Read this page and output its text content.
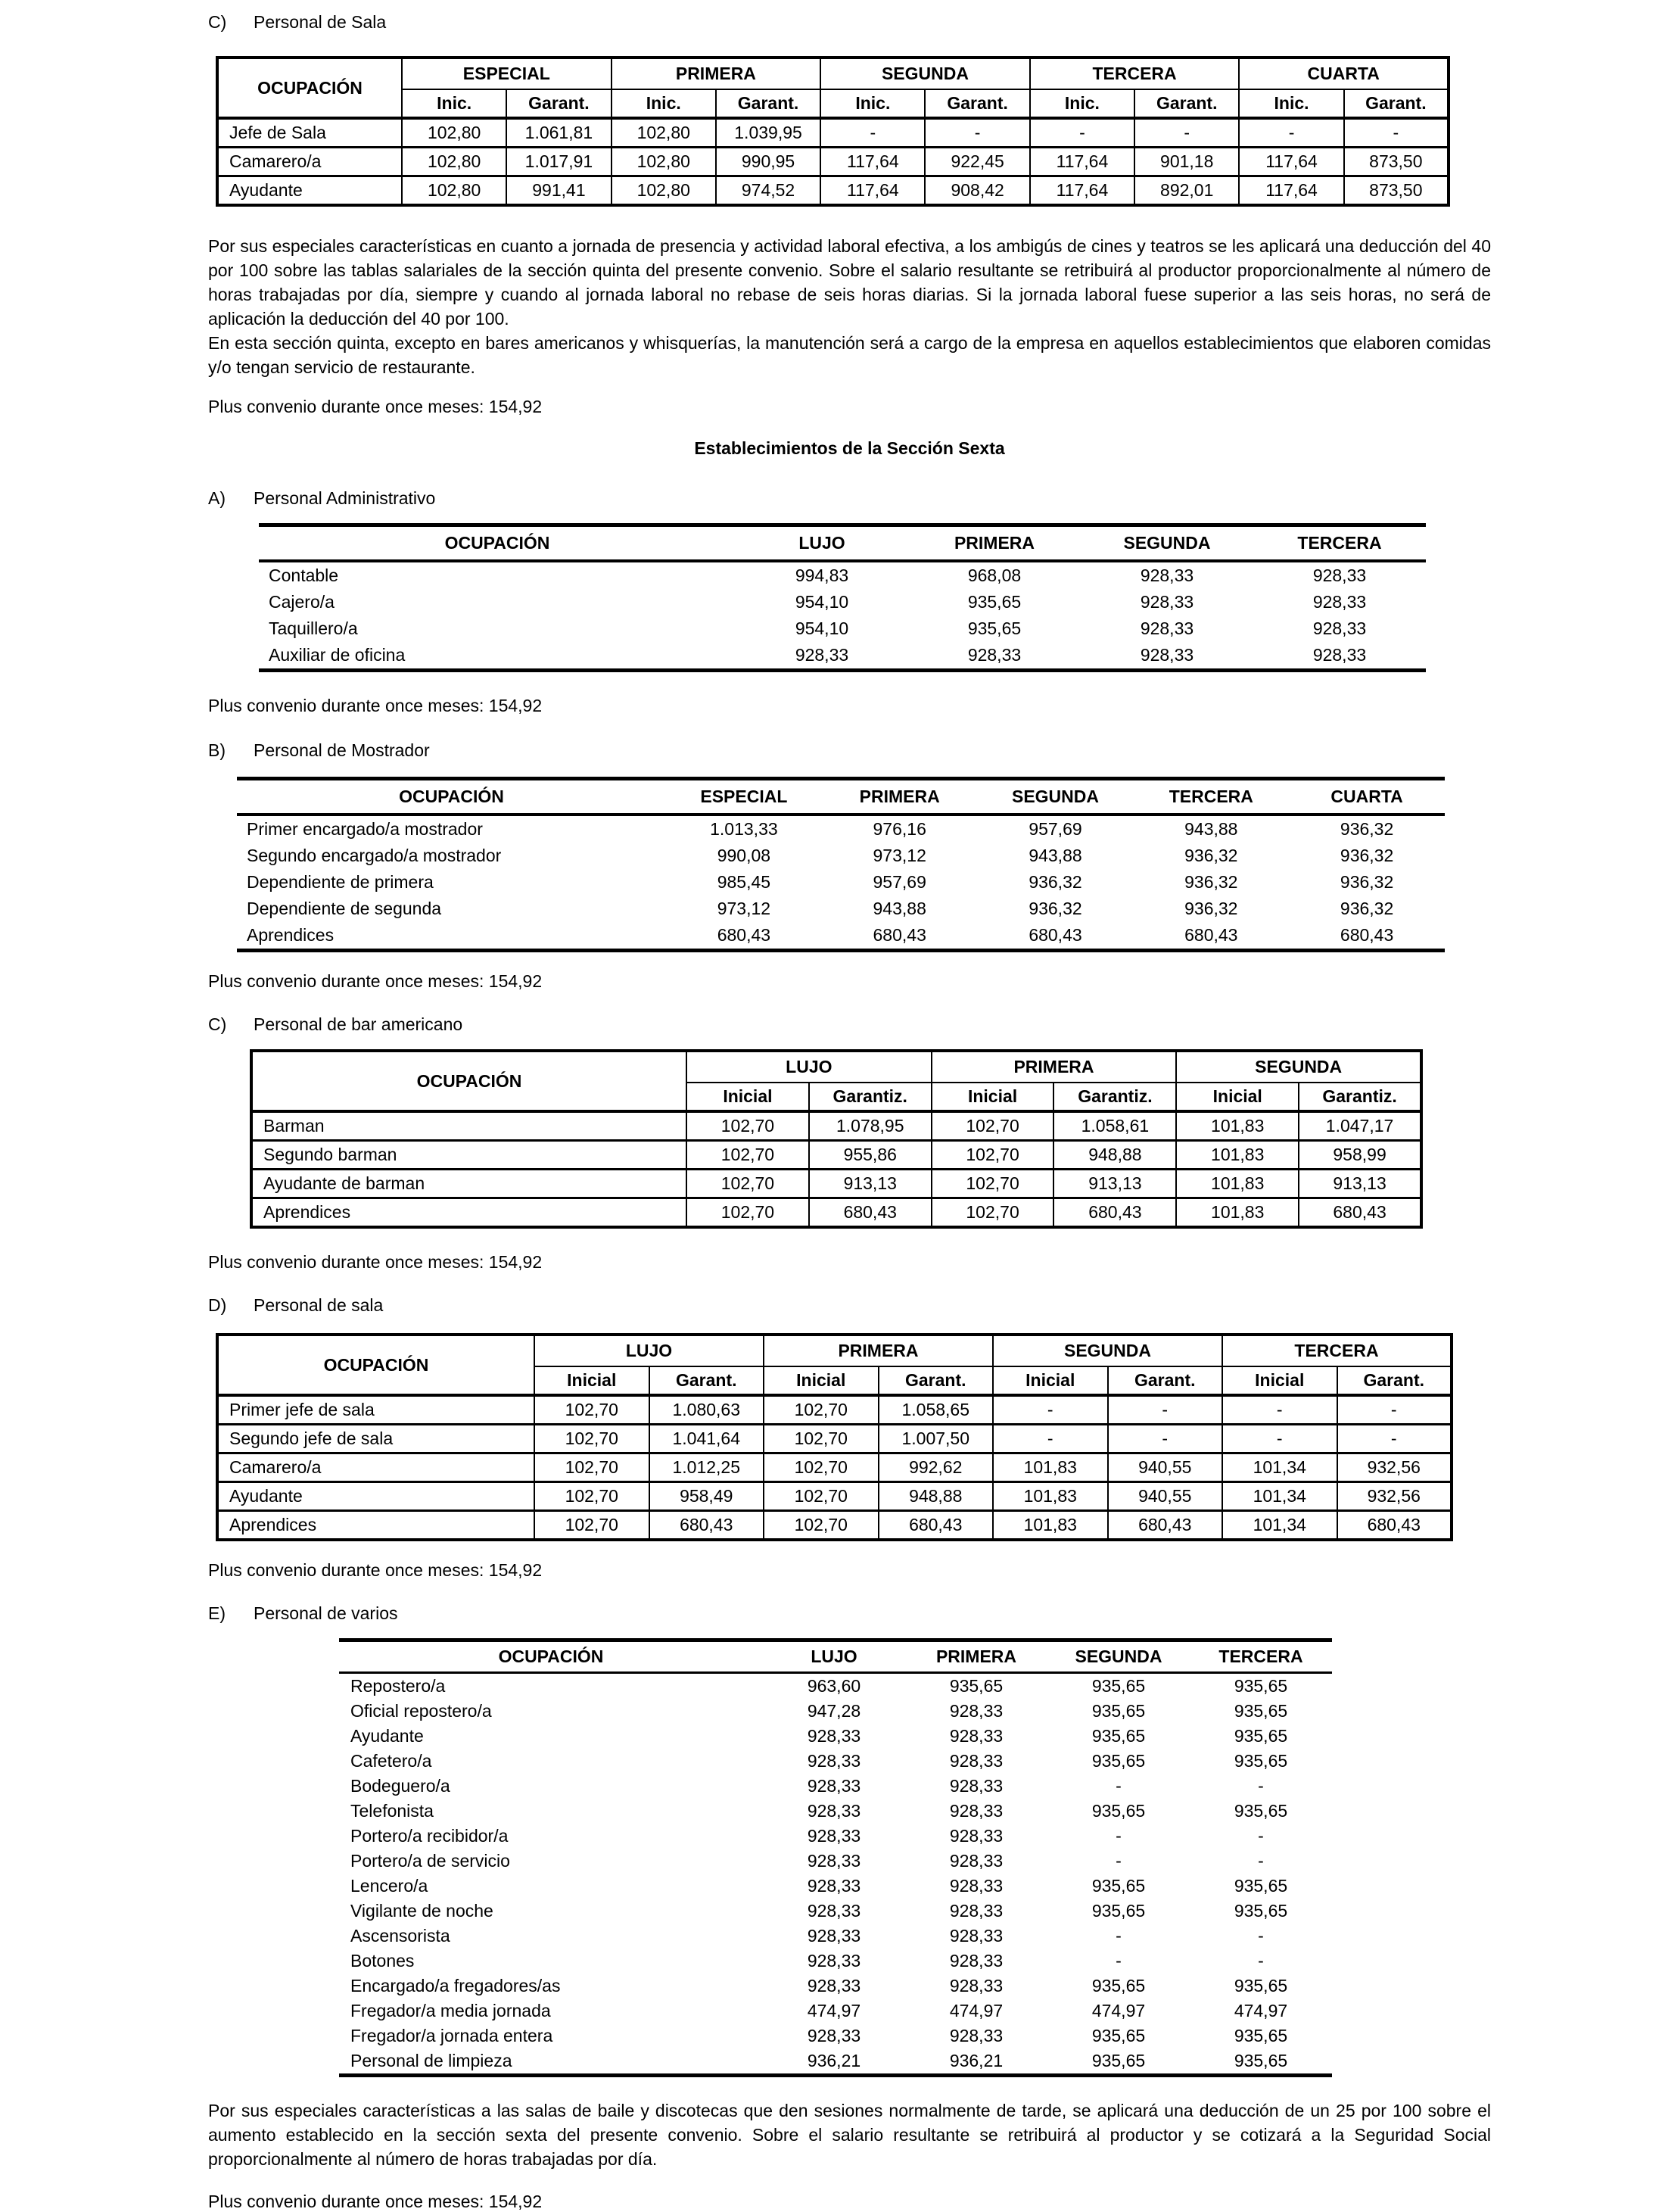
C) Personal de Sala

OCUPACIÓN	ESPECIAL		PRIMERA		SEGUNDA		TERCERA		CUARTA	
	Inic.	Garant.	Inic.	Garant.	Inic.	Garant.	Inic.	Garant.	Inic.	Garant.
Jefe de Sala	102,80	1.061,81	102,80	1.039,95	-	-	-	-	-	-
Camarero/a	102,80	1.017,91	102,80	990,95	117,64	922,45	117,64	901,18	117,64	873,50
Ayudante	102,80	991,41	102,80	974,52	117,64	908,42	117,64	892,01	117,64	873,50

Por sus especiales características en cuanto a jornada de presencia y actividad laboral efectiva, a los ambigús de cines y teatros se les aplicará una deducción del 40 por 100 sobre las tablas salariales de la sección quinta del presente convenio. Sobre el salario resultante se retribuirá al productor proporcionalmente al número de horas trabajadas por día, siempre y cuando al jornada laboral no rebase de seis horas diarias. Si la jornada laboral fuese superior a las seis horas, no será de aplicación la deducción del 40 por 100.

En esta sección quinta, excepto en bares americanos y whisquerías, la manutención será a cargo de la empresa en aquellos establecimientos que elaboren comidas y/o tengan servicio de restaurante.

Plus convenio durante once meses: 154,92

Establecimientos de la Sección Sexta

A) Personal Administrativo

OCUPACIÓN	LUJO	PRIMERA	SEGUNDA	TERCERA
Contable	994,83	968,08	928,33	928,33
Cajero/a	954,10	935,65	928,33	928,33
Taquillero/a	954,10	935,65	928,33	928,33
Auxiliar de oficina	928,33	928,33	928,33	928,33

Plus convenio durante once meses: 154,92

B) Personal de Mostrador

OCUPACIÓN	ESPECIAL	PRIMERA	SEGUNDA	TERCERA	CUARTA
Primer encargado/a mostrador	1.013,33	976,16	957,69	943,88	936,32
Segundo encargado/a mostrador	990,08	973,12	943,88	936,32	936,32
Dependiente de primera	985,45	957,69	936,32	936,32	936,32
Dependiente de segunda	973,12	943,88	936,32	936,32	936,32
Aprendices	680,43	680,43	680,43	680,43	680,43

Plus convenio durante once meses: 154,92

C) Personal de bar americano

OCUPACIÓN	LUJO		PRIMERA		SEGUNDA	
	Inicial	Garantiz.	Inicial	Garantiz.	Inicial	Garantiz.
Barman	102,70	1.078,95	102,70	1.058,61	101,83	1.047,17
Segundo barman	102,70	955,86	102,70	948,88	101,83	958,99
Ayudante de barman	102,70	913,13	102,70	913,13	101,83	913,13
Aprendices	102,70	680,43	102,70	680,43	101,83	680,43

Plus convenio durante once meses: 154,92

D) Personal de sala

OCUPACIÓN	LUJO		PRIMERA		SEGUNDA		TERCERA	
	Inicial	Garant.	Inicial	Garant.	Inicial	Garant.	Inicial	Garant.
Primer jefe de sala	102,70	1.080,63	102,70	1.058,65	-	-	-	-
Segundo jefe de sala	102,70	1.041,64	102,70	1.007,50	-	-	-	-
Camarero/a	102,70	1.012,25	102,70	992,62	101,83	940,55	101,34	932,56
Ayudante	102,70	958,49	102,70	948,88	101,83	940,55	101,34	932,56
Aprendices	102,70	680,43	102,70	680,43	101,83	680,43	101,34	680,43

Plus convenio durante once meses: 154,92

E) Personal de varios

OCUPACIÓN	LUJO	PRIMERA	SEGUNDA	TERCERA
Repostero/a	963,60	935,65	935,65	935,65
Oficial repostero/a	947,28	928,33	935,65	935,65
Ayudante	928,33	928,33	935,65	935,65
Cafetero/a	928,33	928,33	935,65	935,65
Bodeguero/a	928,33	928,33	-	-
Telefonista	928,33	928,33	935,65	935,65
Portero/a recibidor/a	928,33	928,33	-	-
Portero/a de servicio	928,33	928,33	-	-
Lencero/a	928,33	928,33	935,65	935,65
Vigilante de noche	928,33	928,33	935,65	935,65
Ascensorista	928,33	928,33	-	-
Botones	928,33	928,33	-	-
Encargado/a fregadores/as	928,33	928,33	935,65	935,65
Fregador/a media jornada	474,97	474,97	474,97	474,97
Fregador/a jornada entera	928,33	928,33	935,65	935,65
Personal de limpieza	936,21	936,21	935,65	935,65

Por sus especiales características a las salas de baile y discotecas que den sesiones normalmente de tarde, se aplicará una deducción de un 25 por 100 sobre el aumento establecido en la sección sexta del presente convenio. Sobre el salario resultante se retribuirá al productor y se cotizará a la Seguridad Social proporcionalmente al número de horas trabajadas por día.

Plus convenio durante once meses: 154,92
